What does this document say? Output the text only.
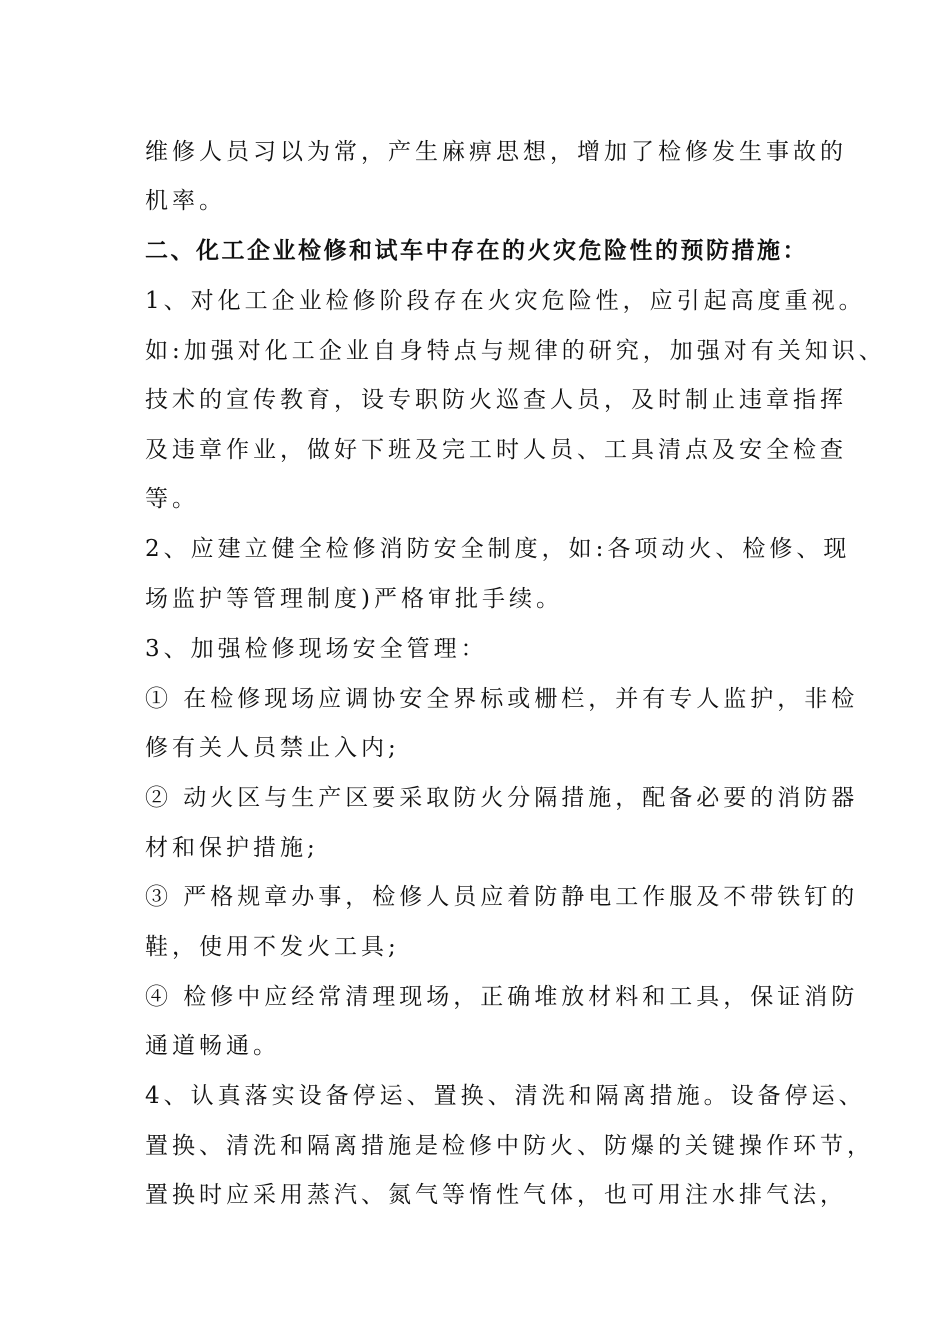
维修人员习以为常，产生麻痹思想，增加了检修发生事故的
机率。
二、化工企业检修和试车中存在的火灾危险性的预防措施：
1、对化工企业检修阶段存在火灾危险性，应引起高度重视。
如:加强对化工企业自身特点与规律的研究，加强对有关知识、
技术的宣传教育，设专职防火巡查人员，及时制止违章指挥
及违章作业，做好下班及完工时人员、工具清点及安全检查
等。
2、应建立健全检修消防安全制度，如:各项动火、检修、现
场监护等管理制度)严格审批手续。
3、加强检修现场安全管理：
① 在检修现场应调协安全界标或栅栏，并有专人监护，非检
修有关人员禁止入内;
② 动火区与生产区要采取防火分隔措施，配备必要的消防器
材和保护措施;
③ 严格规章办事，检修人员应着防静电工作服及不带铁钉的
鞋，使用不发火工具;
④ 检修中应经常清理现场，正确堆放材料和工具，保证消防
通道畅通。
4、认真落实设备停运、置换、清洗和隔离措施。设备停运、
置换、清洗和隔离措施是检修中防火、防爆的关键操作环节，
置换时应采用蒸汽、氮气等惰性气体，也可用注水排气法，
